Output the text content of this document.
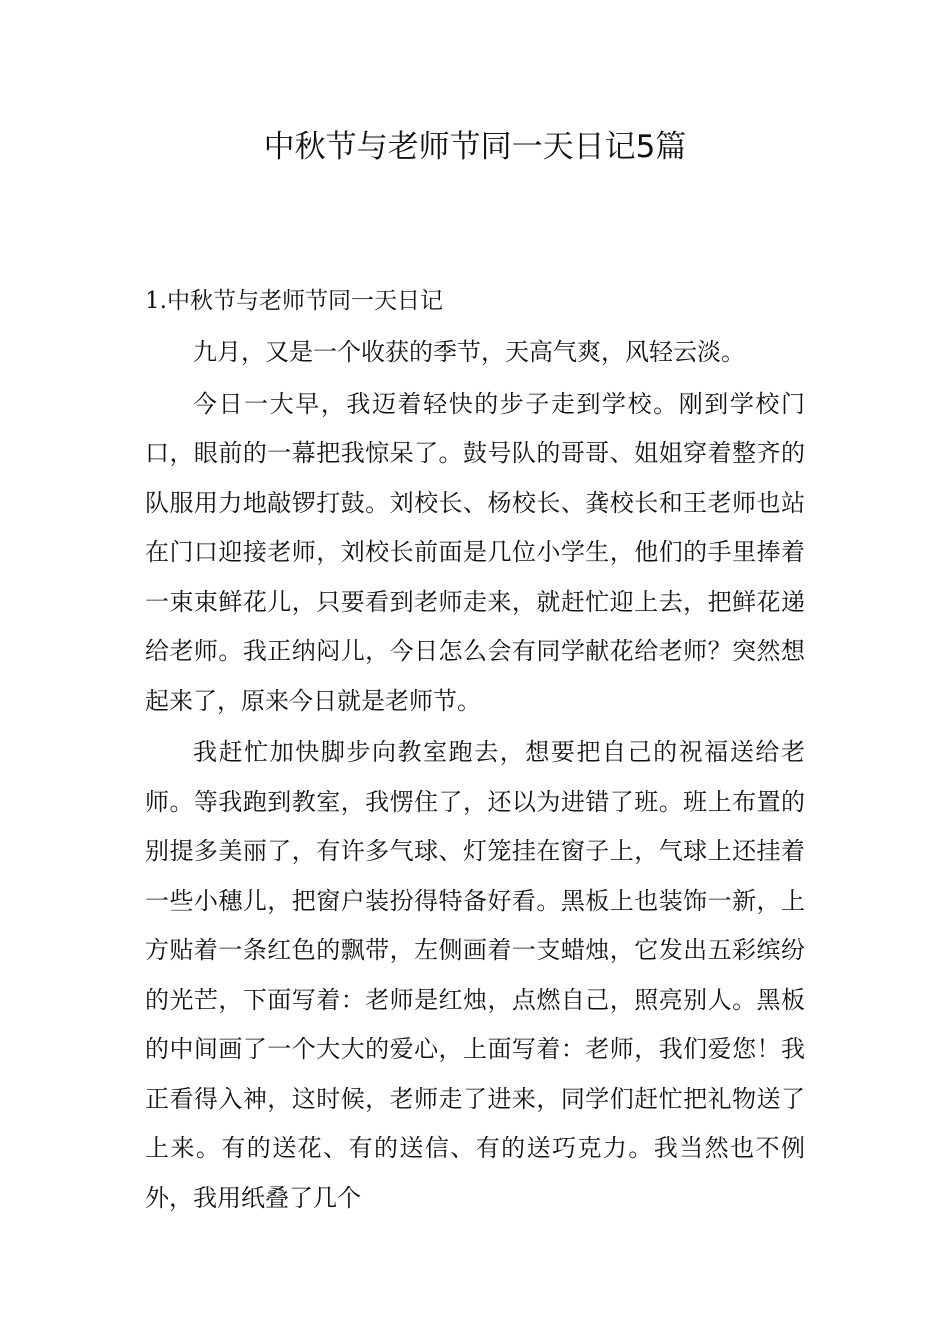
中秋节与老师节同一天日记5篇
1.中秋节与老师节同一天日记

九月，又是一个收获的季节，天高气爽，风轻云淡。

今日一大早，我迈着轻快的步子走到学校。刚到学校门口，眼前的一幕把我惊呆了。鼓号队的哥哥、姐姐穿着整齐的队服用力地敲锣打鼓。刘校长、杨校长、龚校长和王老师也站在门口迎接老师，刘校长前面是几位小学生，他们的手里捧着一束束鲜花儿，只要看到老师走来，就赶忙迎上去，把鲜花递给老师。我正纳闷儿，今日怎么会有同学献花给老师？突然想起来了，原来今日就是老师节。

我赶忙加快脚步向教室跑去，想要把自己的祝福送给老师。等我跑到教室，我愣住了，还以为进错了班。班上布置的别提多美丽了，有许多气球、灯笼挂在窗子上，气球上还挂着一些小穗儿，把窗户装扮得特备好看。黑板上也装饰一新，上方贴着一条红色的飘带，左侧画着一支蜡烛，它发出五彩缤纷的光芒，下面写着：老师是红烛，点燃自己，照亮别人。黑板的中间画了一个大大的爱心，上面写着：老师，我们爱您！我正看得入神，这时候，老师走了进来，同学们赶忙把礼物送了上来。有的送花、有的送信、有的送巧克力。我当然也不例外，我用纸叠了几个
